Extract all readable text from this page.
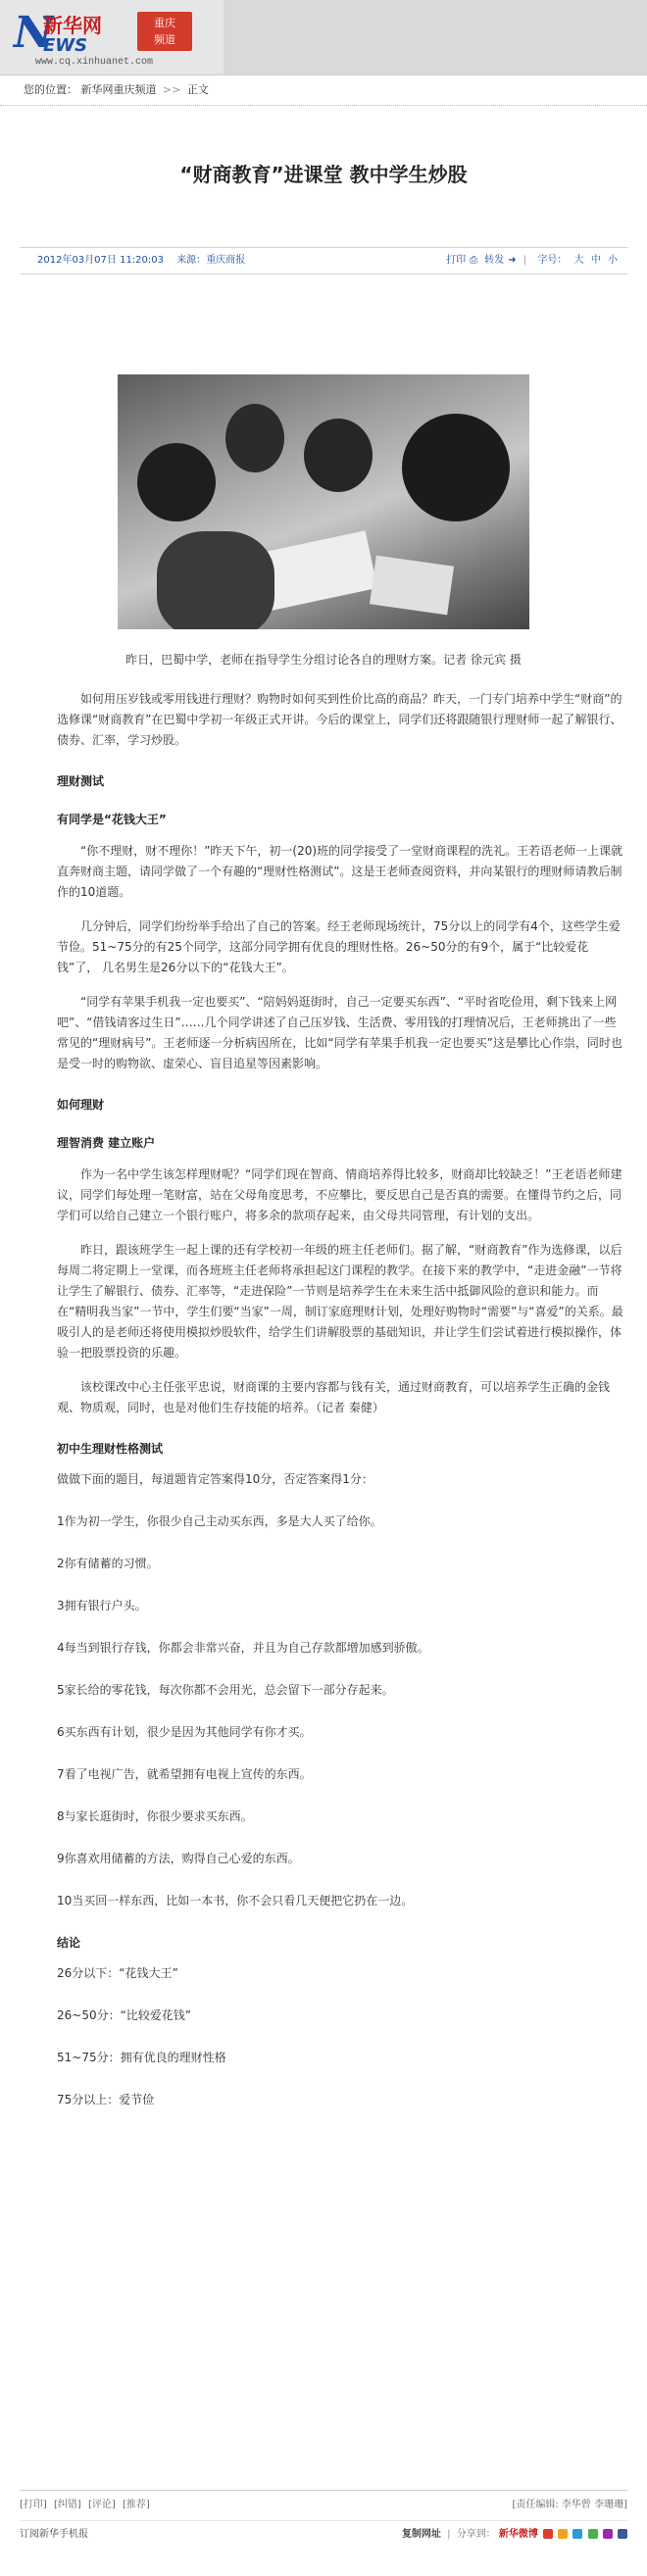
N
新华网
EWS
重庆
频道
www.cq.xinhuanet.com
您的位置： 新华网重庆频道 >> 正文
“财商教育”进课堂 教中学生炒股
2012年03月07日 11:20:03 来源：重庆商报	打印 ⎙ 转发 ➜ | 字号： 大 中 小
昨日，巴蜀中学，老师在指导学生分组讨论各自的理财方案。记者 徐元宾 摄

如何用压岁钱或零用钱进行理财？购物时如何买到性价比高的商品？昨天，一门专门培养中学生“财商”的选修课“财商教育”在巴蜀中学初一年级正式开讲。今后的课堂上，同学们还将跟随银行理财师一起了解银行、债券、汇率，学习炒股。

理财测试

有同学是“花钱大王”

“你不理财，财不理你！”昨天下午，初一(20)班的同学接受了一堂财商课程的洗礼。王若语老师一上课就直奔财商主题，请同学做了一个有趣的“理财性格测试”。这是王老师查阅资料，并向某银行的理财师请教后制作的10道题。

几分钟后，同学们纷纷举手给出了自己的答案。经王老师现场统计，75分以上的同学有4个，这些学生爱节俭。51~75分的有25个同学，这部分同学拥有优良的理财性格。26~50分的有9个，属于“比较爱花钱”了， 几名男生是26分以下的“花钱大王”。

“同学有苹果手机我一定也要买”、“陪妈妈逛街时，自己一定要买东西”、“平时省吃俭用，剩下钱来上网吧”、“借钱请客过生日”……几个同学讲述了自己压岁钱、生活费、零用钱的打理情况后，王老师挑出了一些常见的“理财病号”。王老师逐一分析病因所在，比如“同学有苹果手机我一定也要买”这是攀比心作祟，同时也是受一时的购物欲、虚荣心、盲目追星等因素影响。

如何理财

理智消费 建立账户

作为一名中学生该怎样理财呢？“同学们现在智商、情商培养得比较多，财商却比较缺乏！”王老语老师建议，同学们每处理一笔财富，站在父母角度思考，不应攀比，要反思自己是否真的需要。在懂得节约之后，同学们可以给自己建立一个银行账户，将多余的款项存起来，由父母共同管理，有计划的支出。

昨日，跟该班学生一起上课的还有学校初一年级的班主任老师们。据了解，“财商教育”作为选修课，以后每周二将定期上一堂课，而各班班主任老师将承担起这门课程的教学。在接下来的教学中，“走进金融”一节将让学生了解银行、债券、汇率等，“走进保险”一节则是培养学生在未来生活中抵御风险的意识和能力。而在“精明我当家”一节中，学生们要“当家”一周，制订家庭理财计划，处理好购物时“需要”与“喜爱”的关系。最吸引人的是老师还将使用模拟炒股软件，给学生们讲解股票的基础知识，并让学生们尝试着进行模拟操作，体验一把股票投资的乐趣。

该校课改中心主任张平忠说，财商课的主要内容都与钱有关，通过财商教育，可以培养学生正确的金钱观、物质观，同时，也是对他们生存技能的培养。（记者 秦健）

初中生理财性格测试

做做下面的题目，每道题肯定答案得10分，否定答案得1分：

1作为初一学生，你很少自己主动买东西，多是大人买了给你。

2你有储蓄的习惯。

3拥有银行户头。

4每当到银行存钱，你都会非常兴奋，并且为自己存款都增加感到骄傲。

5家长给的零花钱，每次你都不会用光，总会留下一部分存起来。

6买东西有计划，很少是因为其他同学有你才买。

7看了电视广告，就希望拥有电视上宣传的东西。

8与家长逛街时，你很少要求买东西。

9你喜欢用储蓄的方法，购得自己心爱的东西。

10当买回一样东西，比如一本书，你不会只看几天便把它扔在一边。

结论

26分以下：“花钱大王”

26~50分：“比较爱花钱”

51~75分：拥有优良的理财性格

75分以上：爱节俭

[打印] [纠错] [评论] [推荐]	[责任编辑: 李华曾 李珊珊]
订阅新华手机报	复制网址 | 分享到： 新华微博
